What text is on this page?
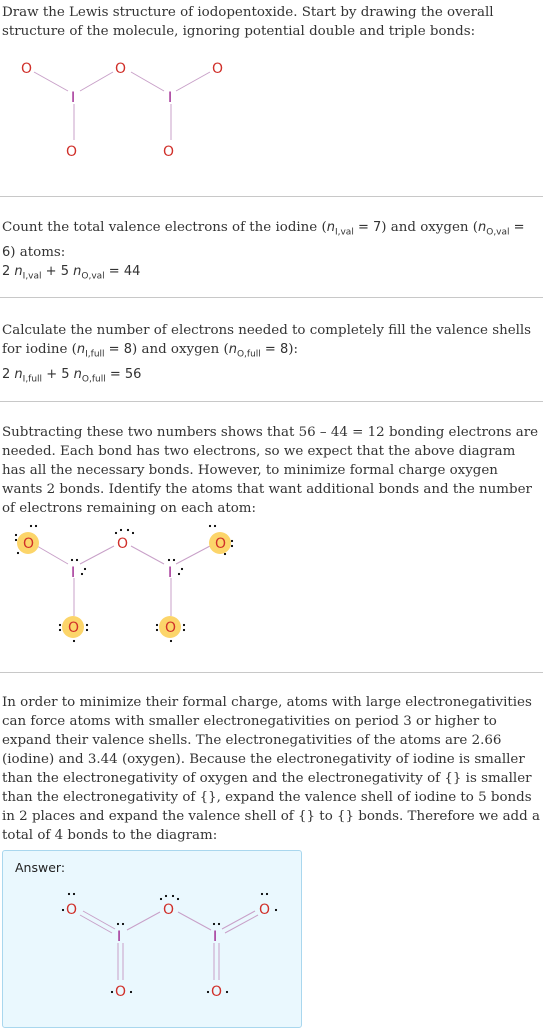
Draw the Lewis structure of iodopentoxide. Start by drawing the overall structure of the molecule, ignoring potential double and triple bonds:

O	O	O
I	I
O	O

Count the total valence electrons of the iodine $(n_{I,val} = 7)$ and oxygen $(n_{O,val} = 6)$ atoms:

2 $n_{I,val} + 5$ $n_{O,val} = 44$

Calculate the number of electrons needed to completely fill the valence shells for iodine $(n_{I,full} = 8)$ and oxygen $(n_{O,full} = 8)$:

2 $n_{I,full} + 5$ $n_{O,full} = 56$

Subtracting these two numbers shows that 56 – 44 = 12 bonding electrons are needed. Each bond has two electrons, so we expect that the above diagram has all the necessary bonds. However, to minimize formal charge oxygen wants 2 bonds. Identify the atoms that want additional bonds and the number of electrons remaining on each atom:

O	O	O
I	I
O	O

In order to minimize their formal charge, atoms with large electronegativities can force atoms with smaller electronegativities on period 3 or higher to expand their valence shells. The electronegativities of the atoms are 2.66 (iodine) and 3.44 (oxygen). Because the electronegativity of iodine is smaller than the electronegativity of oxygen and the electronegativity of {} is smaller than the electronegativity of {}, expand the valence shell of iodine to 5 bonds in 2 places and expand the valence shell of {} to {} bonds. Therefore we add a total of 4 bonds to the diagram:

Answer:
O	O	O
I	I
O	O
